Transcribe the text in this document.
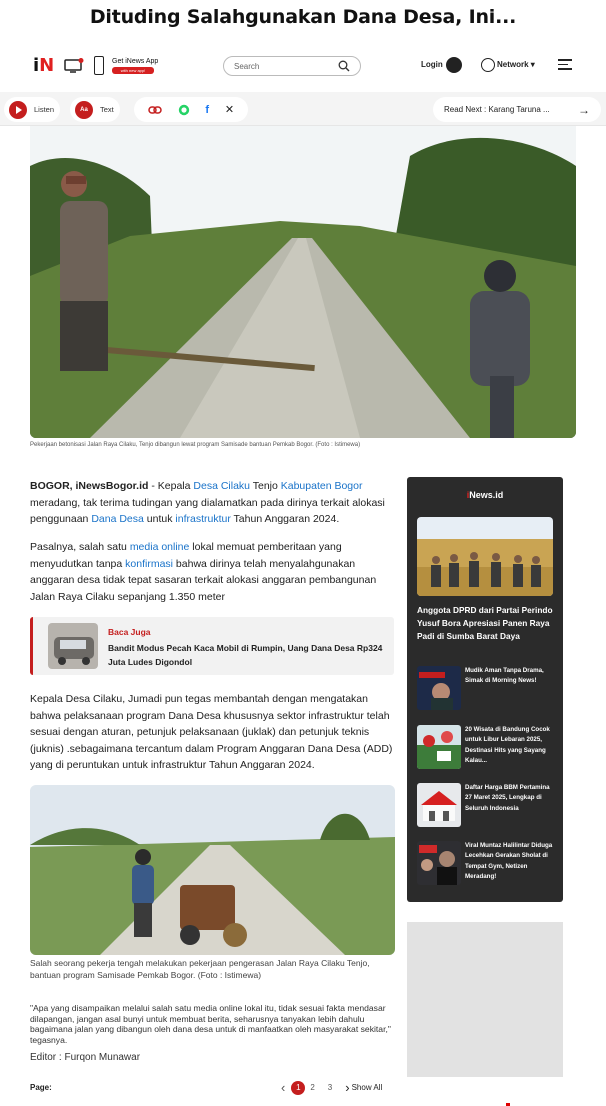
Dituding Salahgunakan Dana Desa, Ini...
iN	Get iNews App
with new app!	Search	Login	Network ▾
Listen	Aa	Text	f ✕	Read Next : Karang Taruna ... →
Pekerjaan betonisasi Jalan Raya Cilaku, Tenjo dibangun lewat program Samisade bantuan Pemkab Bogor. (Foto : Istimewa)
BOGOR, iNewsBogor.id - Kepala Desa Cilaku Tenjo Kabupaten Bogor meradang, tak terima tudingan yang dialamatkan pada dirinya terkait alokasi penggunaan Dana Desa untuk infrastruktur Tahun Anggaran 2024.
Pasalnya, salah satu media online lokal memuat pemberitaan yang menyudutkan tanpa konfirmasi bahwa dirinya telah menyalahgunakan anggaran desa tidak tepat sasaran terkait alokasi anggaran pembangunan Jalan Raya Cilaku sepanjang 1.350 meter
Baca Juga
Bandit Modus Pecah Kaca Mobil di Rumpin, Uang Dana Desa Rp324 Juta Ludes Digondol
Kepala Desa Cilaku, Jumadi pun tegas membantah dengan mengatakan bahwa pelaksanaan program Dana Desa khususnya sektor infrastruktur telah sesuai dengan aturan, petunjuk pelaksanaan (juklak) dan petunjuk teknis (juknis) .sebagaimana tercantum dalam Program Anggaran Dana Desa (ADD) yang di peruntukan untuk infrastruktur Tahun Anggaran 2024.
Salah seorang pekerja tengah melakukan pekerjaan pengerasan Jalan Raya Cilaku Tenjo, bantuan program Samisade Pemkab Bogor. (Foto : Istimewa)
"Apa yang disampaikan melalui salah satu media online lokal itu, tidak sesuai fakta mendasar dilapangan, jangan asal bunyi untuk membuat berita, seharusnya tanyakan lebih dahulu bagaimana jalan yang dibangun oleh dana desa untuk di manfaatkan oleh masyarakat sekitar," tegasnya.
Editor : Furqon Munawar
Page:	‹	1	2 3 › Show All
iNews.id
Anggota DPRD dari Partai Perindo Yusuf Bora Apresiasi Panen Raya Padi di Sumba Barat Daya
Mudik Aman Tanpa Drama, Simak di Morning News!
20 Wisata di Bandung Cocok untuk Libur Lebaran 2025, Destinasi Hits yang Sayang Kalau...
Daftar Harga BBM Pertamina 27 Maret 2025, Lengkap di Seluruh Indonesia
Viral Muntaz Halilintar Diduga Lecehkan Gerakan Sholat di Tempat Gym, Netizen Meradang!
